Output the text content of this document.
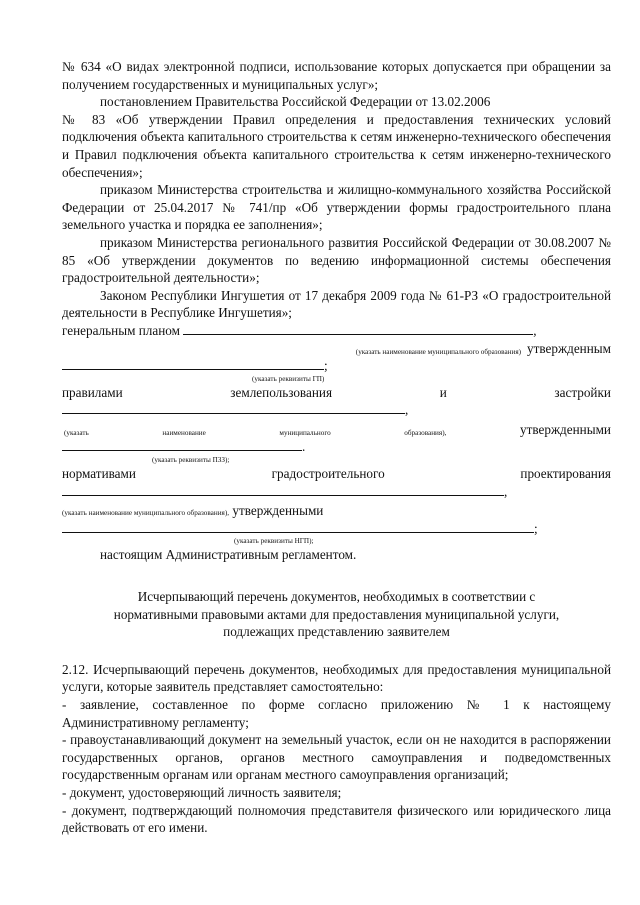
№ 634 «О видах электронной подписи, использование которых допускается при обращении за получением государственных и муниципальных услуг»;

постановлением Правительства Российской Федерации от 13.02.2006

№ 83 «Об утверждении Правил определения и предоставления технических условий подключения объекта капитального строительства к сетям инженерно-технического обеспечения и Правил подключения объекта капитального строительства к сетям инженерно-технического обеспечения»;

приказом Министерства строительства и жилищно-коммунального хозяйства Российской Федерации от 25.04.2017 № 741/пр «Об утверждении формы градостроительного плана земельного участка и порядка ее заполнения»;

приказом Министерства регионального развития Российской Федерации от 30.08.2007 № 85 «Об утверждении документов по ведению информационной системы обеспечения градостроительной деятельности»;

Законом Республики Ингушетия от 17 декабря 2009 года № 61-РЗ «О градостроительной деятельности в Республике Ингушетия»;

генеральным планом	,
(указать наименование муниципального образования) утвержденным
;
(указать реквизиты ГП)
правилами	землепользования	и	застройки
,
(указать	наименование	муниципального	образования),	утвержденными
.
(указать реквизиты ПЗЗ);
нормативами	градостроительного	проектирования
,
(указать наименование муниципального образования), утвержденными
;
(указать реквизиты НГП);

настоящим Административным регламентом.

Исчерпывающий перечень документов, необходимых в соответствии с
нормативными правовыми актами для предоставления муниципальной услуги,
подлежащих представлению заявителем

2.12. Исчерпывающий перечень документов, необходимых для предоставления муниципальной услуги, которые заявитель представляет самостоятельно:

- заявление, составленное по форме согласно приложению № 1 к настоящему Административному регламенту;

- правоустанавливающий документ на земельный участок, если он не находится в распоряжении государственных органов, органов местного самоуправления и подведомственных государственным органам или органам местного самоуправления организаций;

- документ, удостоверяющий личность заявителя;

- документ, подтверждающий полномочия представителя физического или юридического лица действовать от его имени.
